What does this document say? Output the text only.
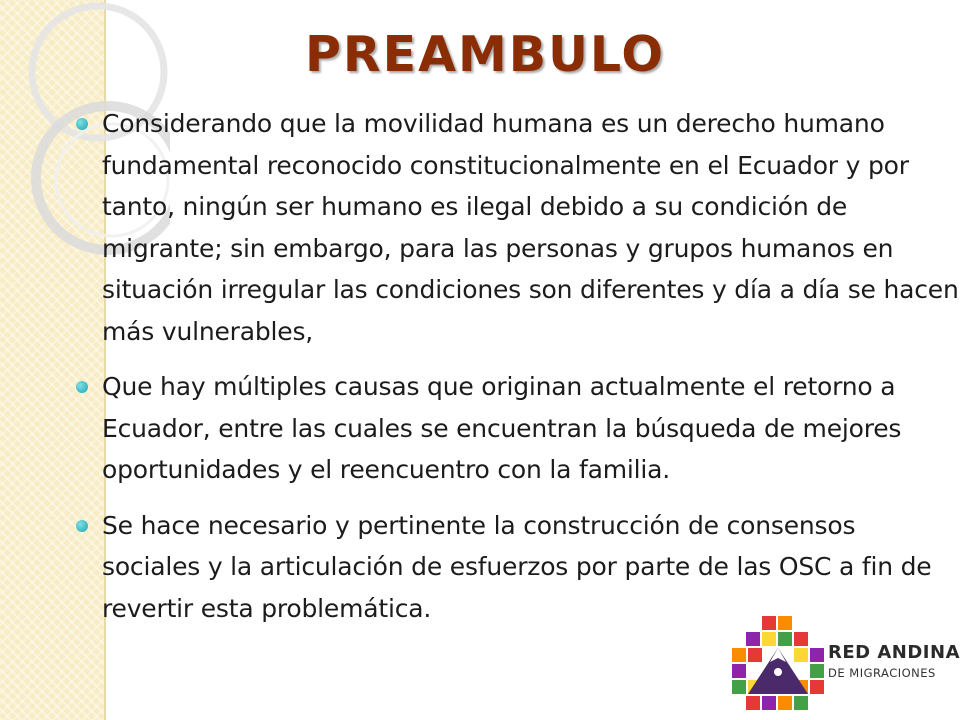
PREAMBULO

Considerando que la movilidad humana es un derecho humano fundamental reconocido constitucionalmente en el Ecuador y por tanto, ningún ser humano es ilegal debido a su condición de migrante; sin embargo, para las personas y grupos humanos en situación irregular las condiciones son diferentes y día a día se hacen más vulnerables,

Que hay múltiples causas que originan actualmente el retorno a Ecuador, entre las cuales se encuentran la búsqueda de mejores oportunidades y el reencuentro con la familia.

Se hace necesario y pertinente la construcción de consensos sociales y la articulación de esfuerzos por parte de las OSC a fin de revertir esta problemática.

RED ANDINA
DE MIGRACIONES
